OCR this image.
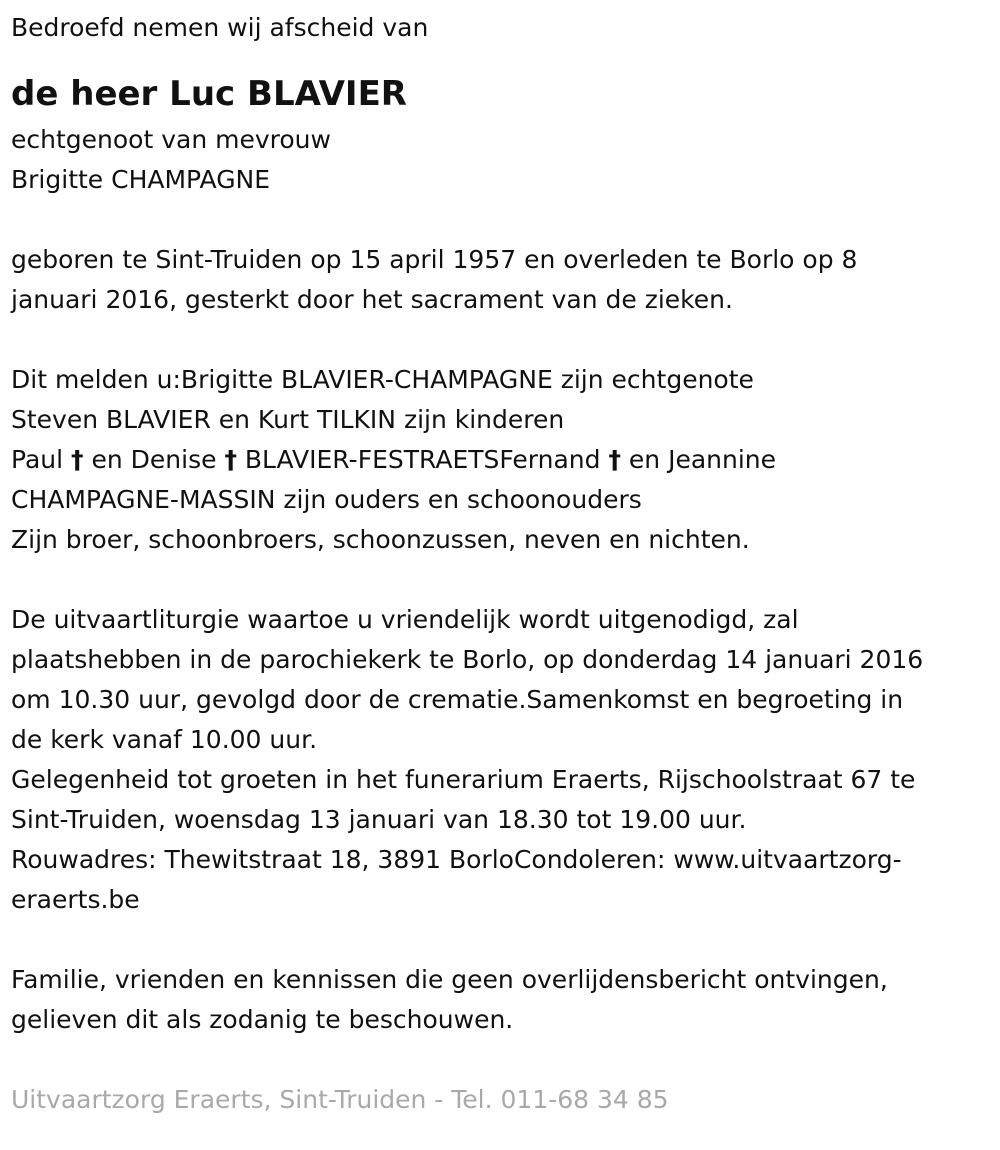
Bedroefd nemen wij afscheid van

de heer Luc BLAVIER

echtgenoot van mevrouw

Brigitte CHAMPAGNE

geboren te Sint-Truiden op 15 april 1957 en overleden te Borlo op 8

januari 2016, gesterkt door het sacrament van de zieken.

Dit melden u:Brigitte BLAVIER-CHAMPAGNE zijn echtgenote

Steven BLAVIER en Kurt TILKIN zijn kinderen

Paul † en Denise † BLAVIER-FESTRAETSFernand † en Jeannine

CHAMPAGNE-MASSIN zijn ouders en schoonouders

Zijn broer, schoonbroers, schoonzussen, neven en nichten.

De uitvaartliturgie waartoe u vriendelijk wordt uitgenodigd, zal

plaatshebben in de parochiekerk te Borlo, op donderdag 14 januari 2016

om 10.30 uur, gevolgd door de crematie.Samenkomst en begroeting in

de kerk vanaf 10.00 uur.

Gelegenheid tot groeten in het funerarium Eraerts, Rijschoolstraat 67 te

Sint-Truiden, woensdag 13 januari van 18.30 tot 19.00 uur.

Rouwadres: Thewitstraat 18, 3891 BorloCondoleren: www.uitvaartzorg-

eraerts.be

Familie, vrienden en kennissen die geen overlijdensbericht ontvingen,

gelieven dit als zodanig te beschouwen.

Uitvaartzorg Eraerts, Sint-Truiden - Tel. 011-68 34 85
